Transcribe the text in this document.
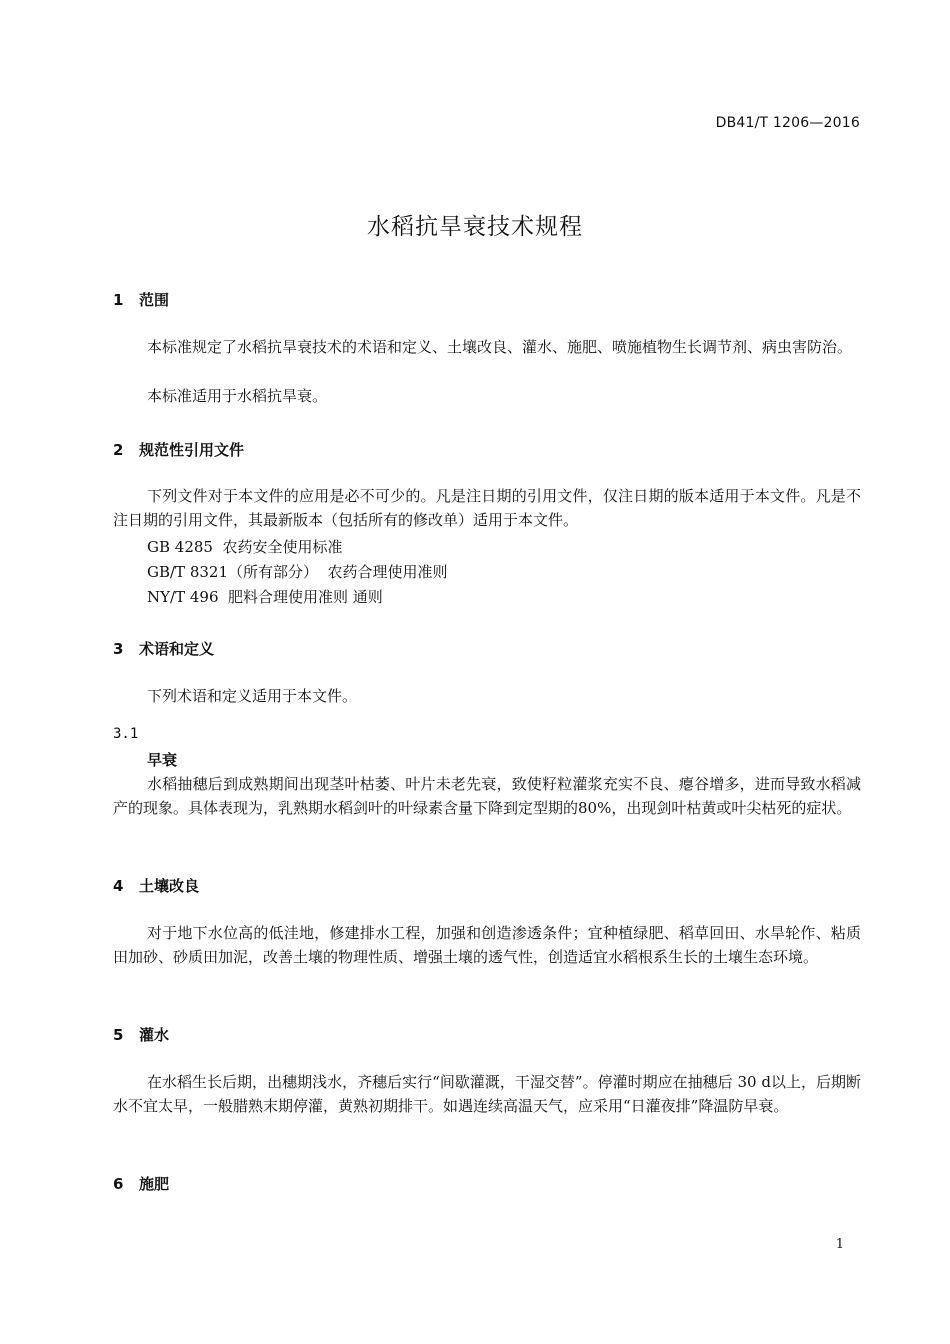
DB41/T 1206—2016
水稻抗旱衰技术规程
1 范围
本标准规定了水稻抗旱衰技术的术语和定义、土壤改良、灌水、施肥、喷施植物生长调节剂、病虫害防治。
本标准适用于水稻抗旱衰。
2 规范性引用文件
下列文件对于本文件的应用是必不可少的。凡是注日期的引用文件，仅注日期的版本适用于本文件。凡是不注日期的引用文件，其最新版本（包括所有的修改单）适用于本文件。
GB 4285  农药安全使用标准
GB/T 8321（所有部分）  农药合理使用准则
NY/T 496  肥料合理使用准则 通则
3 术语和定义
下列术语和定义适用于本文件。
3.1
早衰
水稻抽穗后到成熟期间出现茎叶枯萎、叶片未老先衰，致使籽粒灌浆充实不良、瘪谷增多，进而导致水稻减产的现象。具体表现为，乳熟期水稻剑叶的叶绿素含量下降到定型期的80%，出现剑叶枯黄或叶尖枯死的症状。
4 土壤改良
对于地下水位高的低洼地，修建排水工程，加强和创造渗透条件；宜种植绿肥、稻草回田、水旱轮作、粘质田加砂、砂质田加泥，改善土壤的物理性质、增强土壤的透气性，创造适宜水稻根系生长的土壤生态环境。
5 灌水
在水稻生长后期，出穗期浅水，齐穗后实行“间歇灌溉，干湿交替”。停灌时期应在抽穗后 30 d以上，后期断水不宜太早，一般腊熟末期停灌，黄熟初期排干。如遇连续高温天气，应采用“日灌夜排”降温防早衰。
6 施肥
1
